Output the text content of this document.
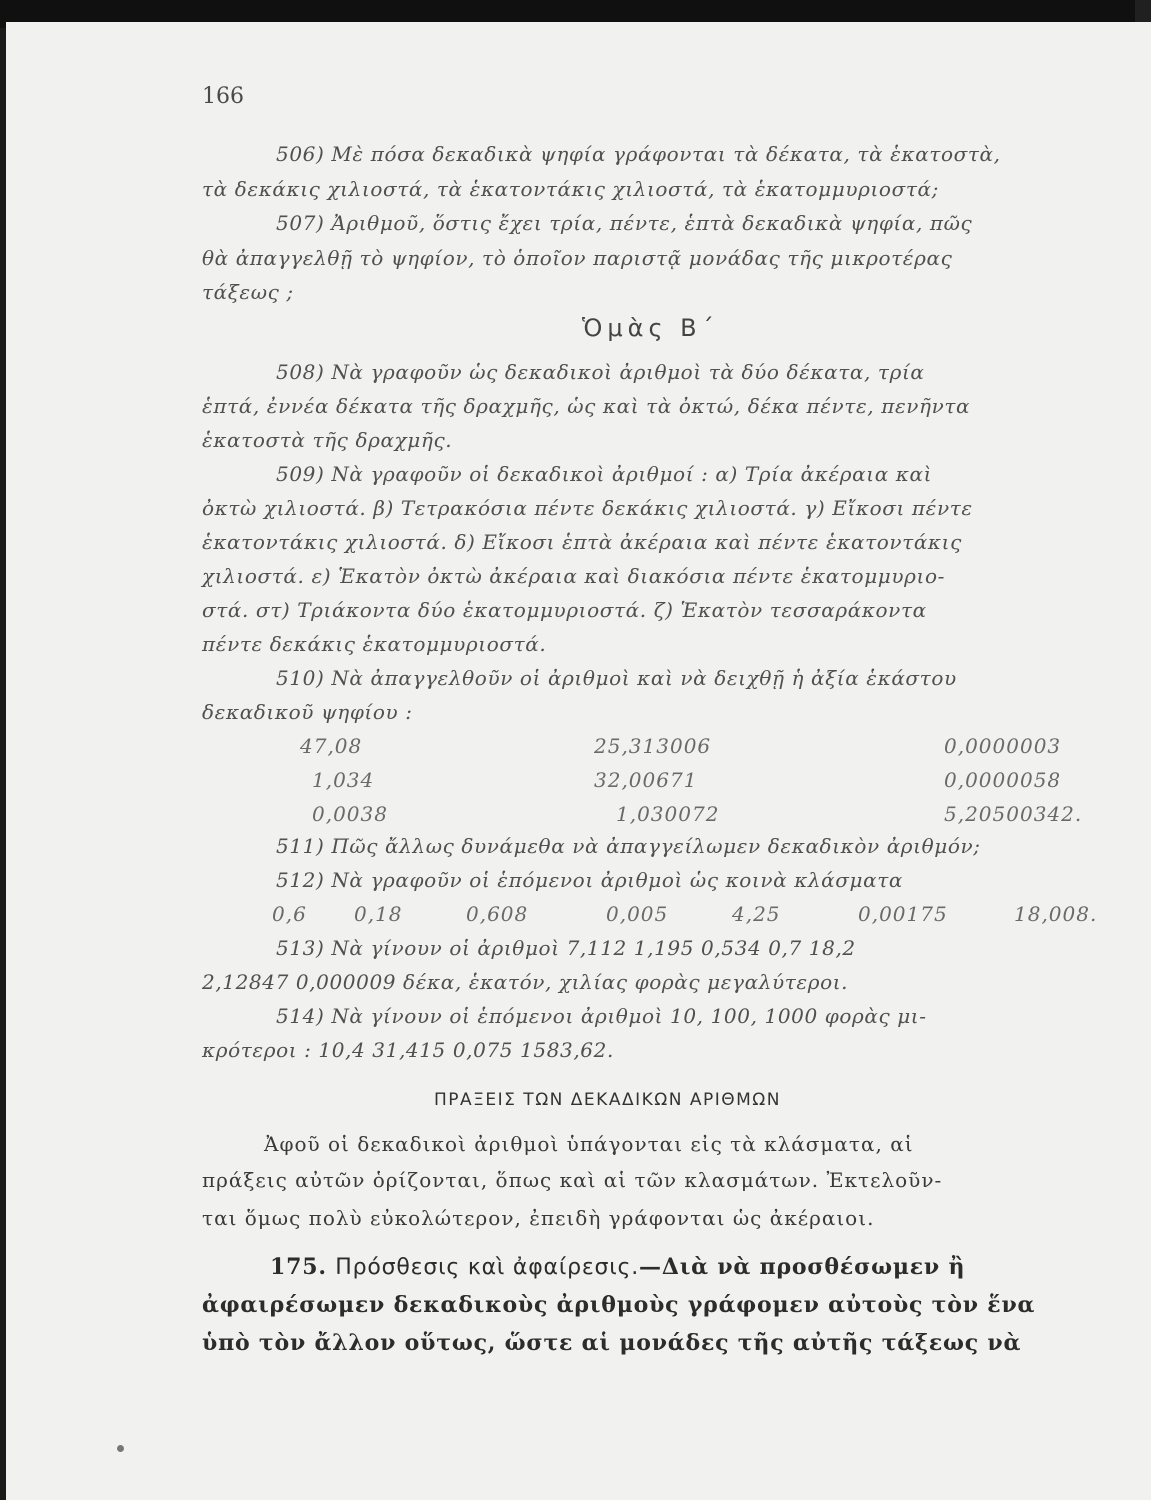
166
506) Μὲ πόσα δεκαδικὰ ψηφία γράφονται τὰ δέκατα, τὰ ἑκατοστὰ,
τὰ δεκάκις χιλιοστά, τὰ ἑκατοντάκις χιλιοστά, τὰ ἑκατομμυριοστά;
507) Ἀριθμοῦ, ὅστις ἔχει τρία, πέντε, ἑπτὰ δεκαδικὰ ψηφία, πῶς
θὰ ἀπαγγελθῇ τὸ ψηφίον, τὸ ὁποῖον παριστᾷ μονάδας τῆς μικροτέρας
τάξεως ;
Ὁμὰς Β΄
508) Νὰ γραφοῦν ὡς δεκαδικοὶ ἀριθμοὶ τὰ δύο δέκατα, τρία
ἑπτά, ἐννέα δέκατα τῆς δραχμῆς, ὡς καὶ τὰ ὀκτώ, δέκα πέντε, πενῆντα
ἑκατοστὰ τῆς δραχμῆς.
509) Νὰ γραφοῦν οἱ δεκαδικοὶ ἀριθμοί : α) Τρία ἀκέραια καὶ
ὀκτὼ χιλιοστά. β) Τετρακόσια πέντε δεκάκις χιλιοστά. γ) Εἴκοσι πέντε
ἑκατοντάκις χιλιοστά. δ) Εἴκοσι ἑπτὰ ἀκέραια καὶ πέντε ἑκατοντάκις
χιλιοστά. ε) Ἑκατὸν ὀκτὼ ἀκέραια καὶ διακόσια πέντε ἑκατομμυριο-
στά. στ) Τριάκοντα δύο ἑκατομμυριοστά. ζ) Ἑκατὸν τεσσαράκοντα
πέντε δεκάκις ἑκατομμυριοστά.
510) Νὰ ἀπαγγελθοῦν οἱ ἀριθμοὶ καὶ νὰ δειχθῇ ἡ ἀξία ἑκάστου
δεκαδικοῦ ψηφίου :
47,08	25,313006	0,0000003
1,034	32,00671	0,0000058
0,0038	1,030072	5,20500342.
511) Πῶς ἄλλως δυνάμεθα νὰ ἀπαγγείλωμεν δεκαδικὸν ἀριθμόν;
512) Νὰ γραφοῦν οἱ ἑπόμενοι ἀριθμοὶ ὡς κοινὰ κλάσματα
0,6 0,18	0,608	0,005	4,25	0,00175	18,008.
513) Νὰ γίνουν οἱ ἀριθμοὶ 7,112 1,195 0,534 0,7 18,2
2,12847 0,000009 δέκα, ἑκατόν, χιλίας φορὰς μεγαλύτεροι.
514) Νὰ γίνουν οἱ ἑπόμενοι ἀριθμοὶ 10, 100, 1000 φορὰς μι-
κρότεροι : 10,4 31,415 0,075 1583,62.
ΠΡΑΞΕΙΣ ΤΩΝ ΔΕΚΑΔΙΚΩΝ ΑΡΙΘΜΩΝ
Ἀφοῦ οἱ δεκαδικοὶ ἀριθμοὶ ὑπάγονται εἰς τὰ κλάσματα, αἱ
πράξεις αὐτῶν ὁρίζονται, ὅπως καὶ αἱ τῶν κλασμάτων. Ἐκτελοῦν-
ται ὅμως πολὺ εὐκολώτερον, ἐπειδὴ γράφονται ὡς ἀκέραιοι.
175. Πρόσθεσις καὶ ἀφαίρεσις.—Διὰ νὰ προσθέσωμεν ἢ
ἀφαιρέσωμεν δεκαδικοὺς ἀριθμοὺς γράφομεν αὐτοὺς τὸν ἕνα
ὑπὸ τὸν ἄλλον οὕτως, ὥστε αἱ μονάδες τῆς αὐτῆς τάξεως νὰ
